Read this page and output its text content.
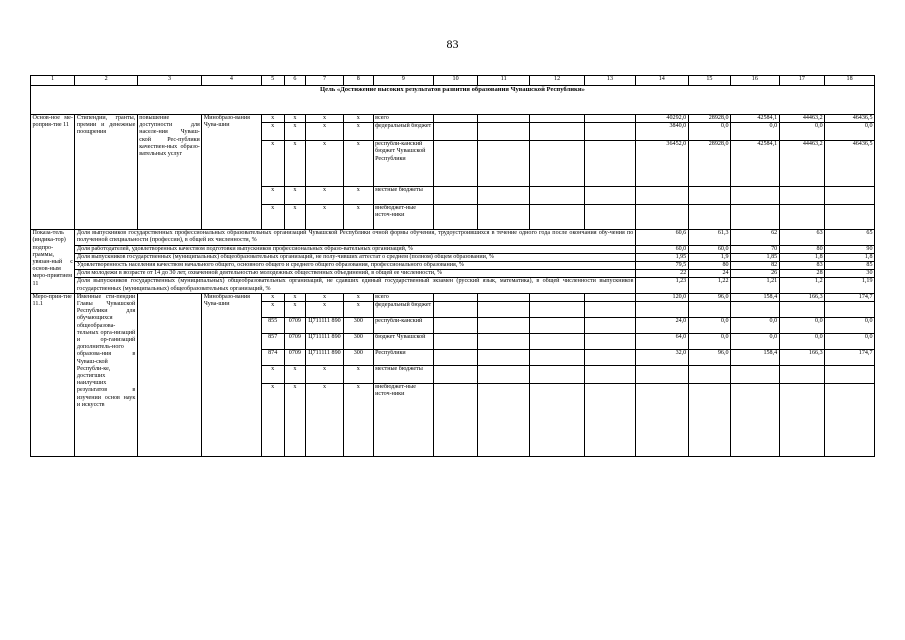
83
1	2	3	4	5	6	7	8	9	10	11	12	13	14	15	16	17	18
Цель «Достижение высоких результатов развития образования Чувашской Республики»																	
Основ-ное ме-роприя-тие 11	Стипендии, гранты, премии и денежные поощрения	повышение доступности для населе-ния Чуваш-ской Рес-публики качествен-ных образо-вательных услуг	Минобразо-вания Чува-шии	x	x	x	x	всего					40292,0	28928,0	42584,1	44463,2	46436,5
				x	x	x	x	федеральный бюджет					3840,0	0,0	0,0	0,0	0,0
				x	x	x	x	республи-канский бюджет Чувашской Республики					36452,0	28928,0	42584,1	44463,2	46436,5
				x	x	x	x	местные бюджеты									
				x	x	x	x	внебюджет-ные источ-ники									
Показа-тель (индика-тор) подпро-граммы, увязан-ный с основ-ным меро-приятием 11	Доля выпускников государственных профессиональных образовательных организаций Чувашской Республики очной формы обучения, трудоустроившихся в течение одного года после окончания обу-чения по полученной специальности (профессии), в общей их численности, %												60,6	61,3	62	63	65
	Доля работодателей, удовлетворенных качеством подготовки выпускников профессиональных образо-вательных организаций, %												60,0	60,0	70	80	90
	Доля выпускников государственных (муниципальных) общеобразовательных организаций, не полу-чивших аттестат о среднем (полном) общем образовании, %												1,95	1,9	1,85	1,8	1,8
	Удовлетворенность населения качеством начального общего, основного общего и среднего общего образования, профессионального образования, %												79,5	80	82	83	85
	Доля молодежи в возрасте от 14 до 30 лет, охваченной деятельностью молодежных общественных объединений, в общей ее численности, %												22	24	26	28	30
	Доля выпускников государственных (муниципальных) общеобразовательных организаций, не сдавших единый государственный экзамен (русский язык, математика), в общей численности выпускников государственных (муниципальных) общеобразовательных организаций, %												1,23	1,22	1,21	1,2	1,19
Меро-прия-тие 11.1	Именные сти-пендии Главы Чувашской Республики для обучающихся общеобразова-тельных орга-низаций и ор-ганизаций дополнитель-ного образова-ния в Чуваш-ской Республи-ке, достигших наилучших результатов в изучении основ наук и искусств		Минобразо-вания Чува-шии	x	x	x	x	всего					120,0	96,0	158,4	166,3	174,7
				x	x	x	x	федеральный бюджет									
				855	0709	Ц711111 890	300	республи-канский					24,0	0,0	0,0	0,0	0,0
				857	0709	Ц711111 890	300	бюджет Чувашской					64,0	0,0	0,0	0,0	0,0
				874	0709	Ц711111 890	300	Республики					32,0	96,0	158,4	166,3	174,7
				x	x	x	x	местные бюджеты									
				x	x	x	x	внебюджет-ные источ-ники									
